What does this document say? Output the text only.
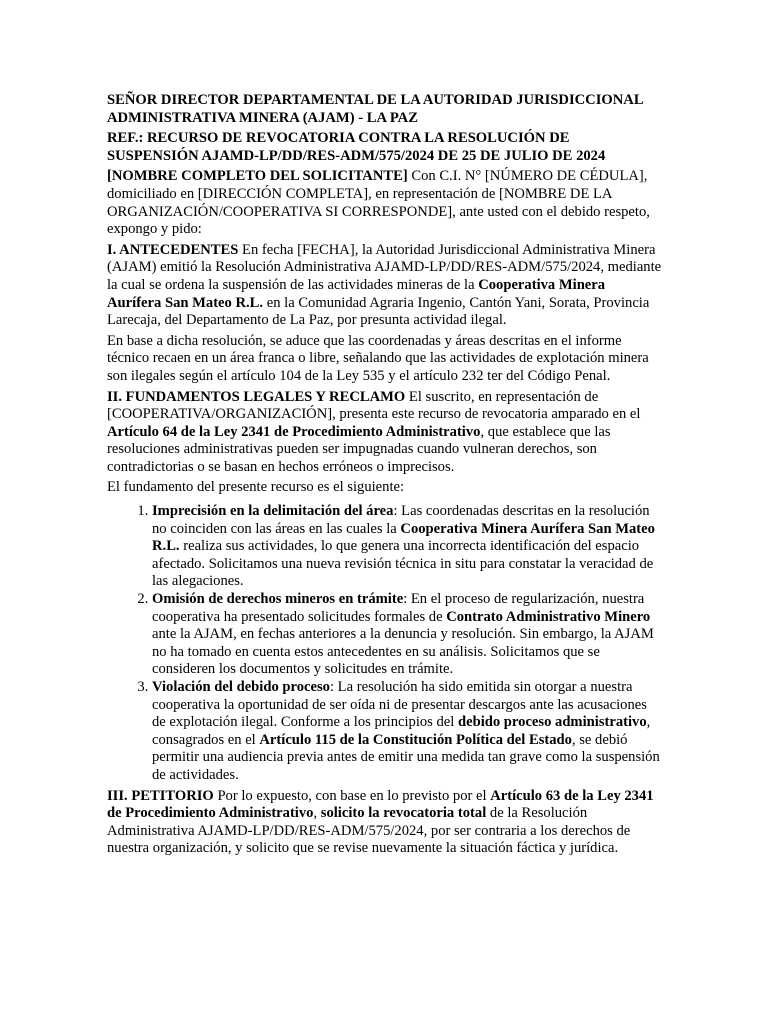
SEÑOR DIRECTOR DEPARTAMENTAL DE LA AUTORIDAD JURISDICCIONAL ADMINISTRATIVA MINERA (AJAM) - LA PAZ

REF.: RECURSO DE REVOCATORIA CONTRA LA RESOLUCIÓN DE SUSPENSIÓN AJAMD-LP/DD/RES-ADM/575/2024 DE 25 DE JULIO DE 2024

[NOMBRE COMPLETO DEL SOLICITANTE] Con C.I. N° [NÚMERO DE CÉDULA], domiciliado en [DIRECCIÓN COMPLETA], en representación de [NOMBRE DE LA ORGANIZACIÓN/COOPERATIVA SI CORRESPONDE], ante usted con el debido respeto, expongo y pido:

I. ANTECEDENTES En fecha [FECHA], la Autoridad Jurisdiccional Administrativa Minera (AJAM) emitió la Resolución Administrativa AJAMD-LP/DD/RES-ADM/575/2024, mediante la cual se ordena la suspensión de las actividades mineras de la Cooperativa Minera Aurífera San Mateo R.L. en la Comunidad Agraria Ingenio, Cantón Yani, Sorata, Provincia Larecaja, del Departamento de La Paz, por presunta actividad ilegal.

En base a dicha resolución, se aduce que las coordenadas y áreas descritas en el informe técnico recaen en un área franca o libre, señalando que las actividades de explotación minera son ilegales según el artículo 104 de la Ley 535 y el artículo 232 ter del Código Penal.

II. FUNDAMENTOS LEGALES Y RECLAMO El suscrito, en representación de [COOPERATIVA/ORGANIZACIÓN], presenta este recurso de revocatoria amparado en el Artículo 64 de la Ley 2341 de Procedimiento Administrativo, que establece que las resoluciones administrativas pueden ser impugnadas cuando vulneran derechos, son contradictorias o se basan en hechos erróneos o imprecisos.

El fundamento del presente recurso es el siguiente:

1. Imprecisión en la delimitación del área: Las coordenadas descritas en la resolución no coinciden con las áreas en las cuales la Cooperativa Minera Aurífera San Mateo R.L. realiza sus actividades, lo que genera una incorrecta identificación del espacio afectado. Solicitamos una nueva revisión técnica in situ para constatar la veracidad de las alegaciones.
2. Omisión de derechos mineros en trámite: En el proceso de regularización, nuestra cooperativa ha presentado solicitudes formales de Contrato Administrativo Minero ante la AJAM, en fechas anteriores a la denuncia y resolución. Sin embargo, la AJAM no ha tomado en cuenta estos antecedentes en su análisis. Solicitamos que se consideren los documentos y solicitudes en trámite.
3. Violación del debido proceso: La resolución ha sido emitida sin otorgar a nuestra cooperativa la oportunidad de ser oída ni de presentar descargos ante las acusaciones de explotación ilegal. Conforme a los principios del debido proceso administrativo, consagrados en el Artículo 115 de la Constitución Política del Estado, se debió permitir una audiencia previa antes de emitir una medida tan grave como la suspensión de actividades.

III. PETITORIO Por lo expuesto, con base en lo previsto por el Artículo 63 de la Ley 2341 de Procedimiento Administrativo, solicito la revocatoria total de la Resolución Administrativa AJAMD-LP/DD/RES-ADM/575/2024, por ser contraria a los derechos de nuestra organización, y solicito que se revise nuevamente la situación fáctica y jurídica.
